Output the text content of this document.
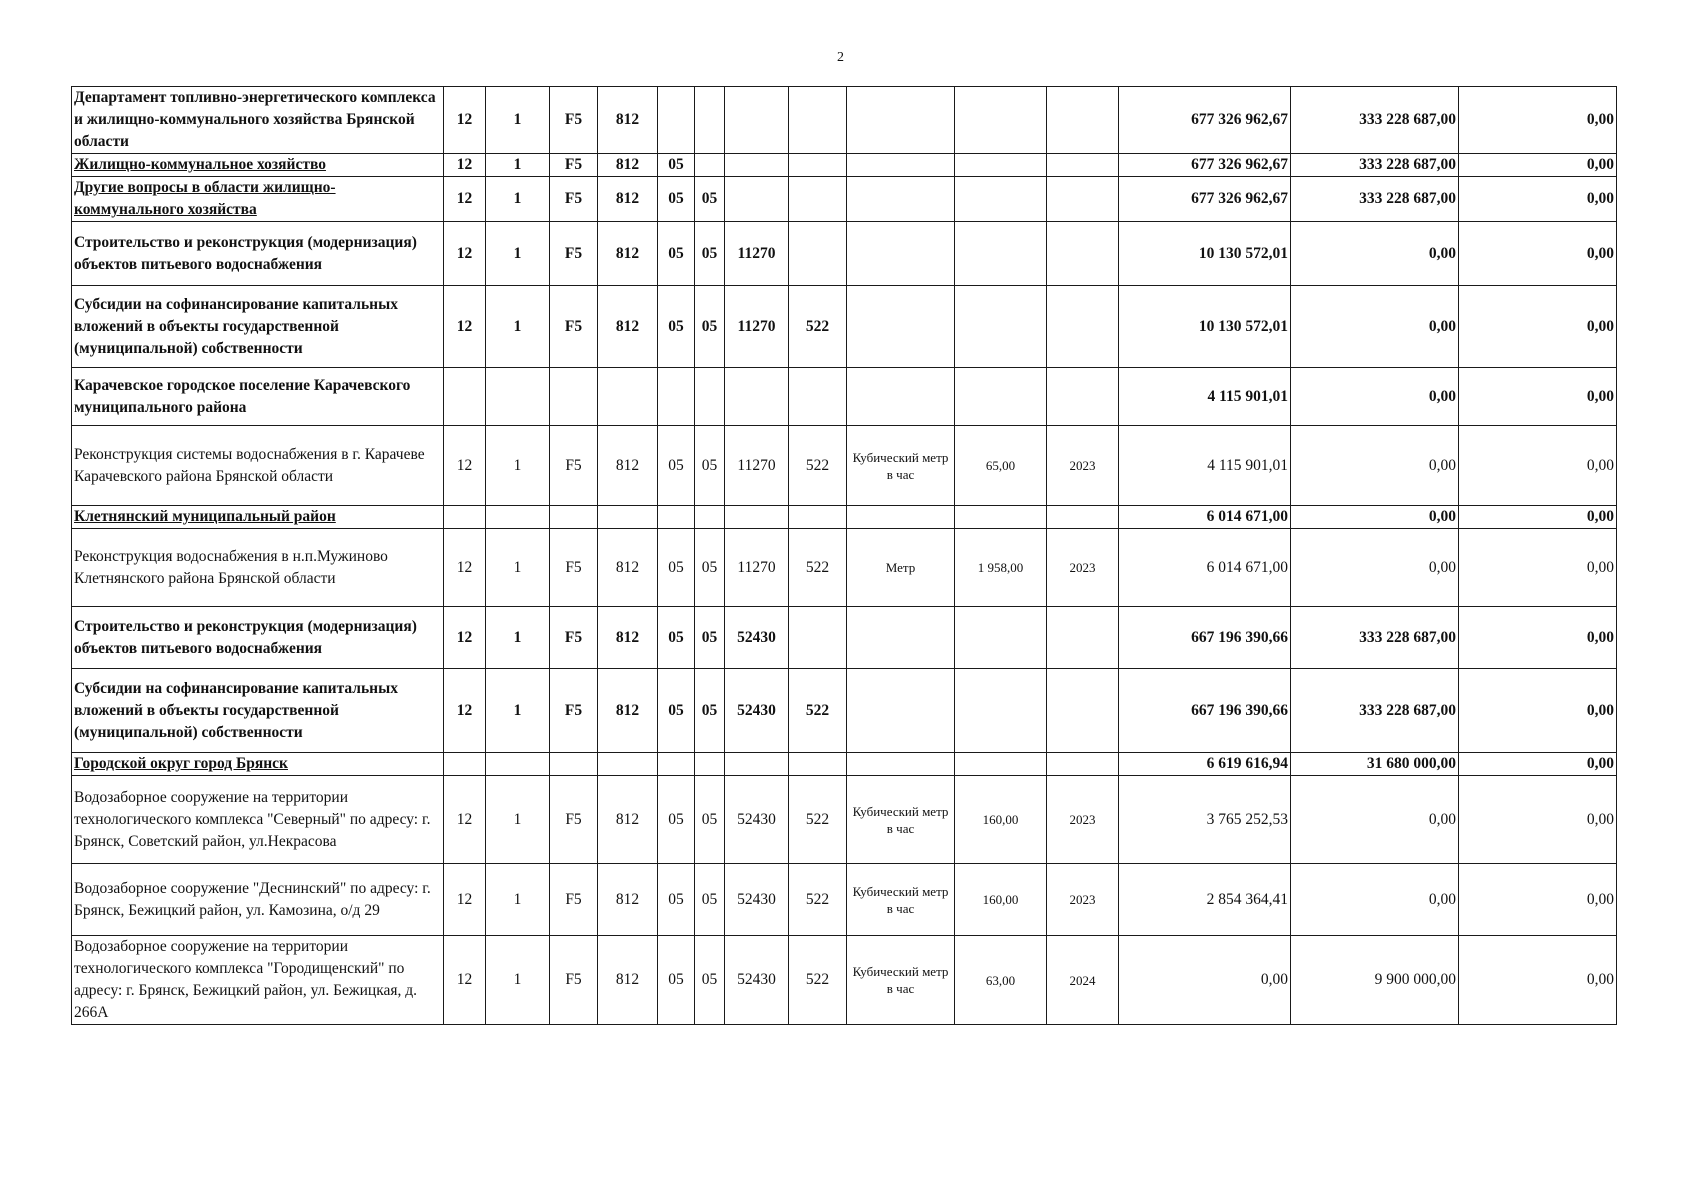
2
Департамент топливно-энергетического комплекса и жилищно-коммунального хозяйства Брянской области	12	1	F5	812								677 326 962,67	333 228 687,00	0,00
Жилищно-коммунальное хозяйство	12	1	F5	812	05							677 326 962,67	333 228 687,00	0,00
Другие вопросы в области жилищно-коммунального хозяйства	12	1	F5	812	05	05						677 326 962,67	333 228 687,00	0,00
Строительство и реконструкция (модернизация) объектов питьевого водоснабжения	12	1	F5	812	05	05	11270					10 130 572,01	0,00	0,00
Субсидии на софинансирование капитальных вложений в объекты государственной (муниципальной) собственности	12	1	F5	812	05	05	11270	522				10 130 572,01	0,00	0,00
Карачевское городское поселение Карачевского муниципального района												4 115 901,01	0,00	0,00
Реконструкция системы водоснабжения в г. Карачеве Карачевского района Брянской области	12	1	F5	812	05	05	11270	522	Кубический метр в час	65,00	2023	4 115 901,01	0,00	0,00
Клетнянский муниципальный район												6 014 671,00	0,00	0,00
Реконструкция водоснабжения в н.п.Мужиново Клетнянского района Брянской области	12	1	F5	812	05	05	11270	522	Метр	1 958,00	2023	6 014 671,00	0,00	0,00
Строительство и реконструкция (модернизация) объектов питьевого водоснабжения	12	1	F5	812	05	05	52430					667 196 390,66	333 228 687,00	0,00
Субсидии на софинансирование капитальных вложений в объекты государственной (муниципальной) собственности	12	1	F5	812	05	05	52430	522				667 196 390,66	333 228 687,00	0,00
Городской округ город Брянск												6 619 616,94	31 680 000,00	0,00
Водозаборное сооружение на территории технологического комплекса "Северный" по адресу: г. Брянск, Советский район, ул.Некрасова	12	1	F5	812	05	05	52430	522	Кубический метр в час	160,00	2023	3 765 252,53	0,00	0,00
Водозаборное сооружение "Деснинский" по адресу: г. Брянск, Бежицкий район, ул. Камозина, о/д 29	12	1	F5	812	05	05	52430	522	Кубический метр в час	160,00	2023	2 854 364,41	0,00	0,00
Водозаборное сооружение на территории технологического комплекса "Городищенский" по адресу: г. Брянск, Бежицкий район, ул. Бежицкая, д. 266А	12	1	F5	812	05	05	52430	522	Кубический метр в час	63,00	2024	0,00	9 900 000,00	0,00
